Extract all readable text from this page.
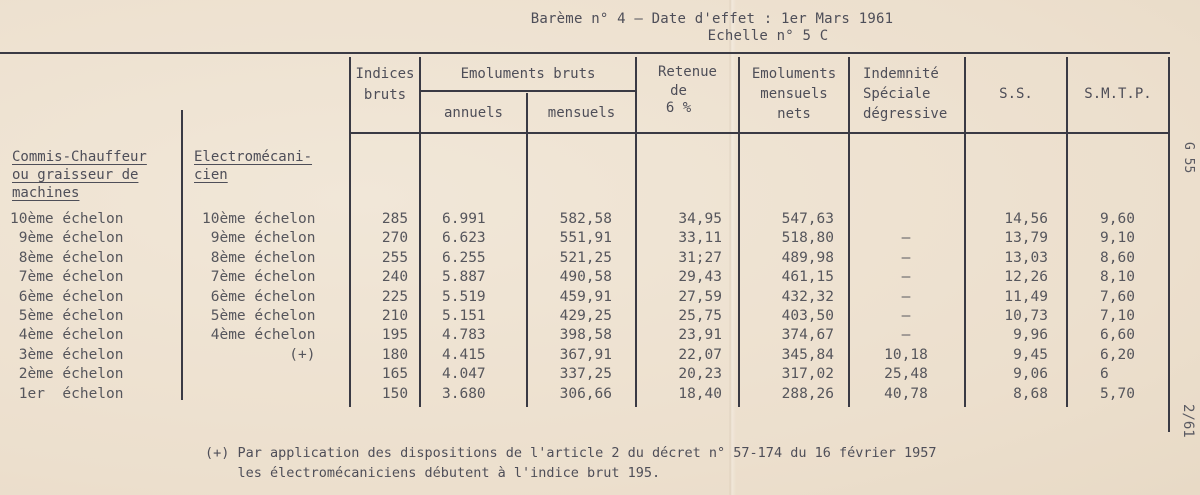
Barème n° 4 — Date d'effet : 1er Mars 1961
Echelle n° 5 C
Commis-Chauffeur
ou graisseur de
machines
Electromécani-
cien
Indices
bruts
Emoluments bruts
annuels	mensuels
Retenue
de
6 %
Emoluments
mensuels
nets
Indemnité
Spéciale
dégressive
S.S.	S.M.T.P.
10ème échelon
9ème échelon
8ème échelon
7ème échelon
6ème échelon
5ème échelon
4ème échelon
3ème échelon
2ème échelon
1er  échelon
10ème échelon
9ème échelon
8ème échelon
7ème échelon
6ème échelon
5ème échelon
4ème échelon
(+)
285
270
255
240
225
210
195
180
165
150
6.991
6.623
6.255
5.887
5.519
5.151
4.783
4.415
4.047
3.680
582,58
551,91
521,25
490,58
459,91
429,25
398,58
367,91
337,25
306,66
34,95
33,11
31;27
29,43
27,59
25,75
23,91
22,07
20,23
18,40
547,63
518,80
489,98
461,15
432,32
403,50
374,67
345,84
317,02
288,26
—
—
—
—
—
—
10,18
25,48
40,78
14,56
13,79
13,03
12,26
11,49
10,73
9,96
9,45
9,06
8,68
9,60
9,10
8,60
8,10
7,60
7,10
6,60
6,20
6
5,70
G 55
2/61
(+) Par application des dispositions de l'article 2 du décret n° 57-174 du 16 février 1957
les électromécaniciens débutent à l'indice brut 195.
